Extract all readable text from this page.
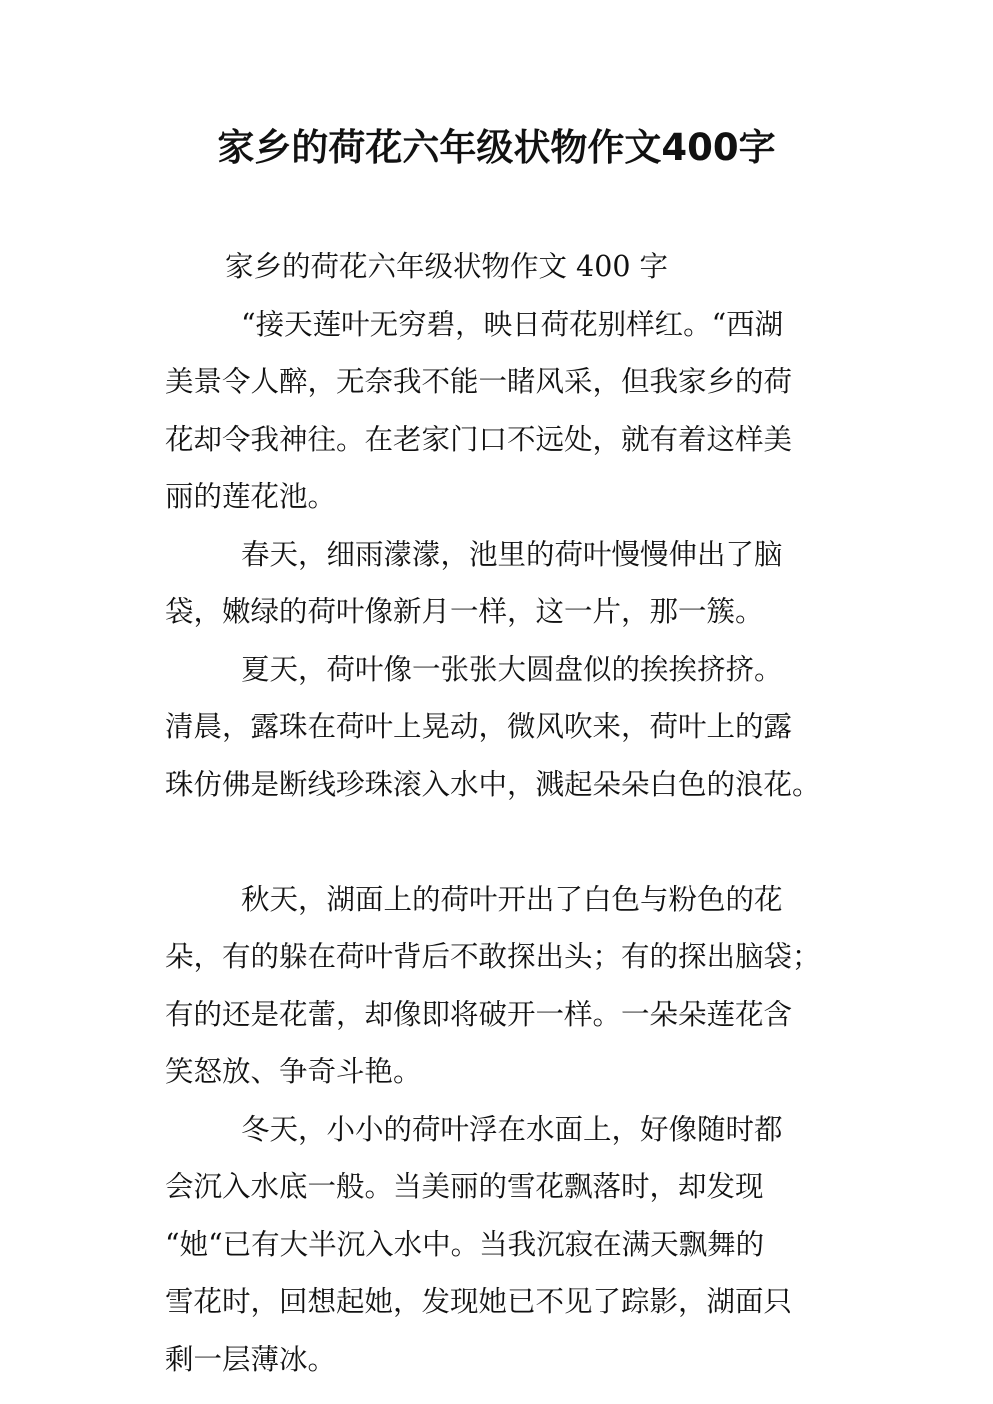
家乡的荷花六年级状物作文400字
家乡的荷花六年级状物作文 400 字
“接天莲叶无穷碧，映日荷花别样红。“西湖
美景令人醉，无奈我不能一睹风采，但我家乡的荷
花却令我神往。在老家门口不远处，就有着这样美
丽的莲花池。
春天，细雨濛濛，池里的荷叶慢慢伸出了脑
袋，嫩绿的荷叶像新月一样，这一片，那一簇。
夏天，荷叶像一张张大圆盘似的挨挨挤挤。
清晨，露珠在荷叶上晃动，微风吹来，荷叶上的露
珠仿佛是断线珍珠滚入水中，溅起朵朵白色的浪花。
秋天，湖面上的荷叶开出了白色与粉色的花
朵，有的躲在荷叶背后不敢探出头；有的探出脑袋；
有的还是花蕾，却像即将破开一样。一朵朵莲花含
笑怒放、争奇斗艳。
冬天，小小的荷叶浮在水面上，好像随时都
会沉入水底一般。当美丽的雪花飘落时，却发现
“她“已有大半沉入水中。当我沉寂在满天飘舞的
雪花时，回想起她，发现她已不见了踪影，湖面只
剩一层薄冰。
